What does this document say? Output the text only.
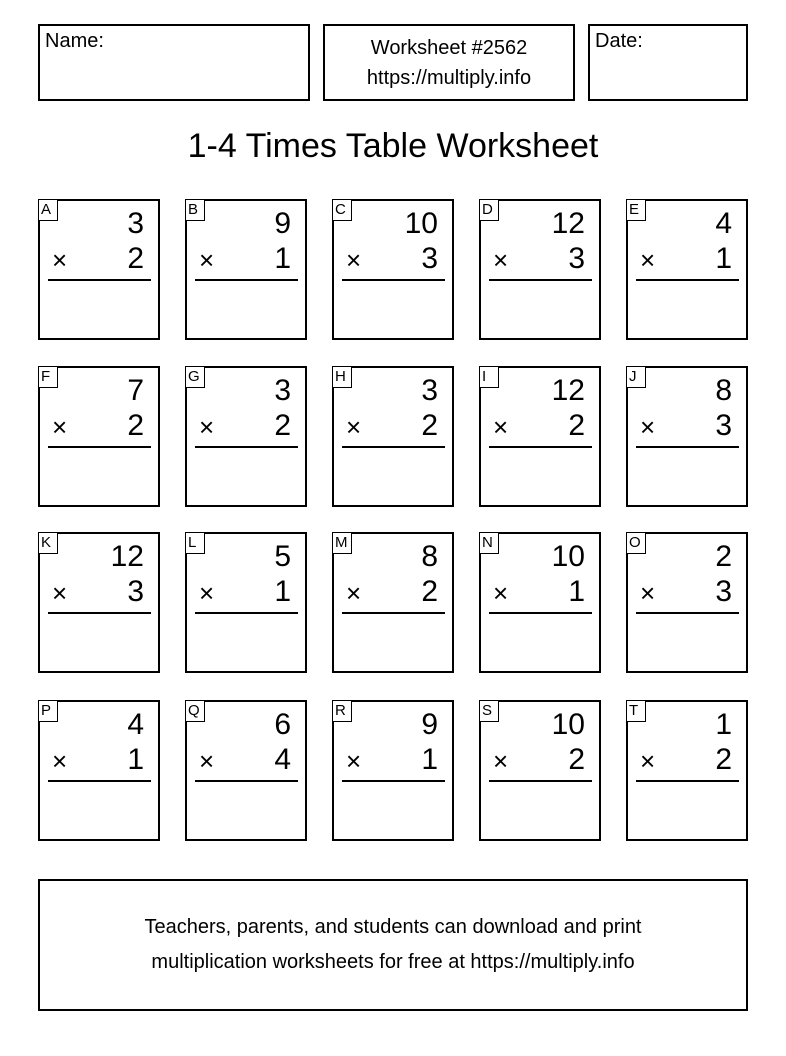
Name:	Worksheet #2562
https://multiply.info
Date:
1-4 Times Table Worksheet
A	3
× 2
B	9
× 1
C 10
× 3
D 12
× 3
E	4
× 1
F	7
× 2
G 3
× 2
H	3
× 2
I	12
× 2
J	8
× 3
K 12
× 3
L	5
× 1
M 8
× 2
N 10
× 1
O 2
× 3
P	4
× 1
Q 6
× 4
R	9
× 1
S 10
× 2
T	1
× 2
Teachers, parents, and students can download and print
multiplication worksheets for free at https://multiply.info
